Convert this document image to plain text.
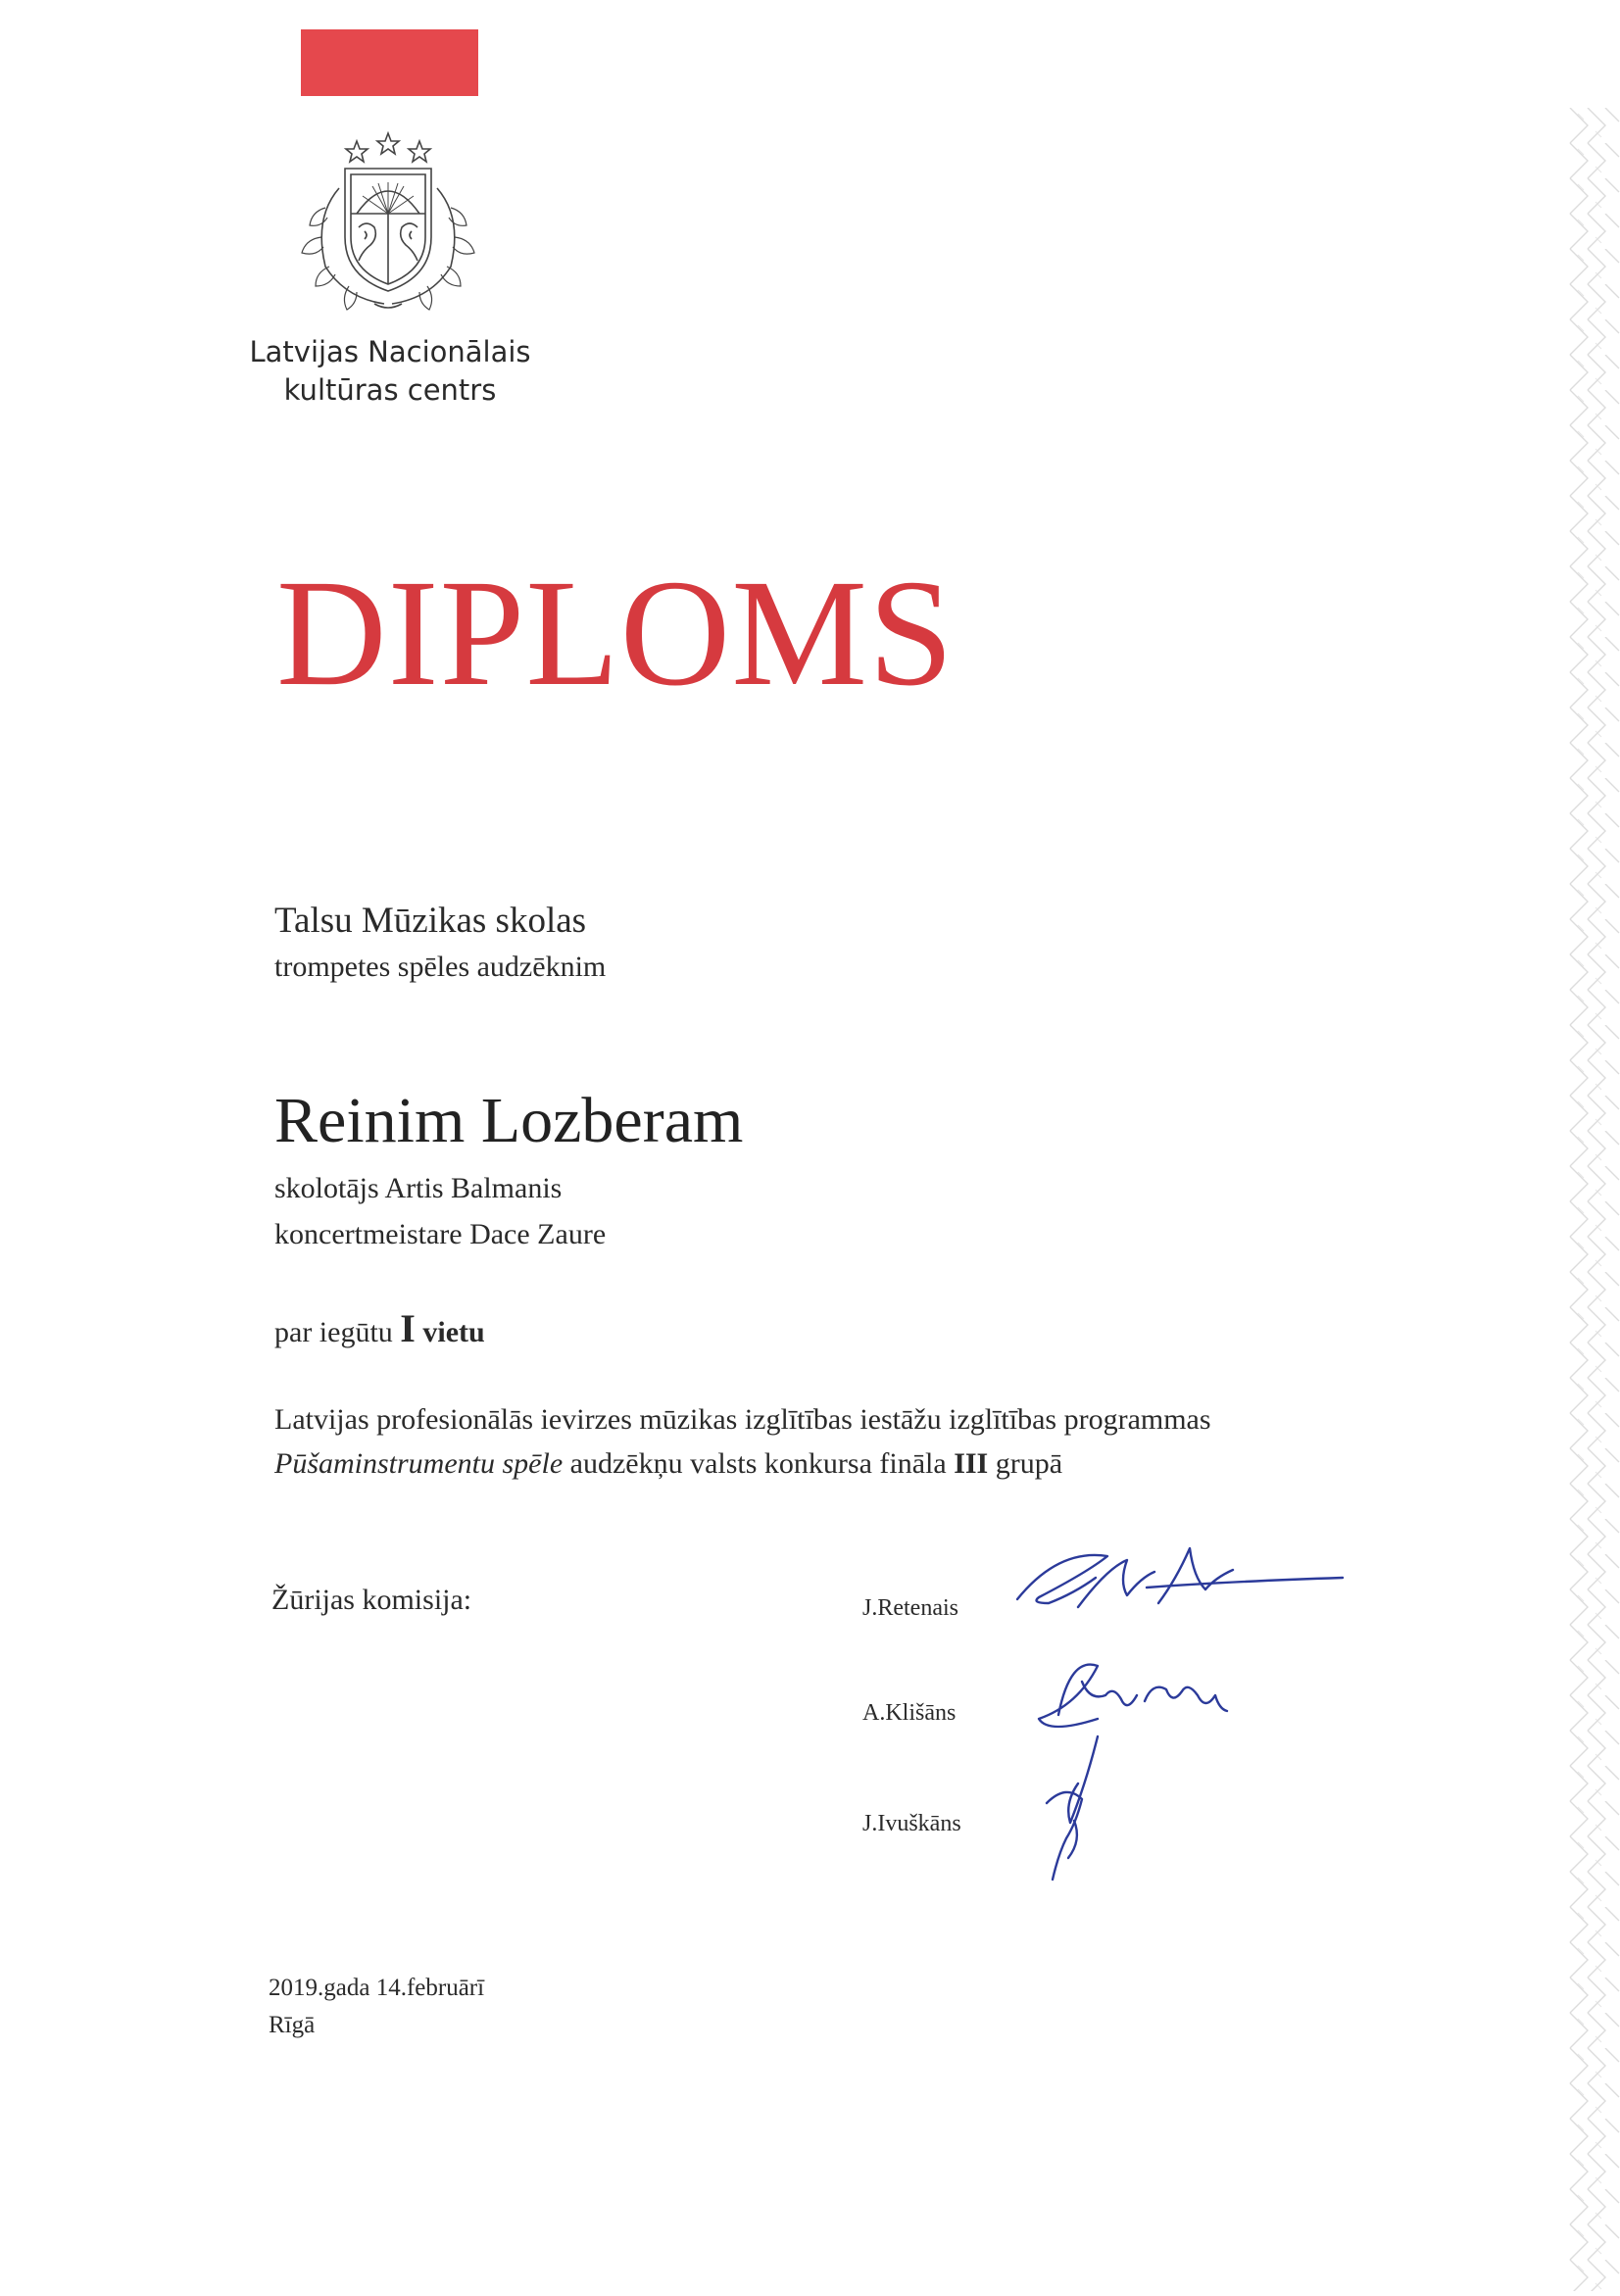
Latvijas Nacionālais
kultūras centrs
DIPLOMS
Talsu Mūzikas skolas
trompetes spēles audzēknim
Reinim Lozberam
skolotājs Artis Balmanis
koncertmeistare Dace Zaure
par iegūtu I vietu
Latvijas profesionālās ievirzes mūzikas izglītības iestāžu izglītības programmas
Pūšaminstrumentu spēle audzēkņu valsts konkursa fināla III grupā
Žūrijas komisija:	J.Retenais
A.Klišāns
J.Ivuškāns
2019.gada 14.februārī
Rīgā
